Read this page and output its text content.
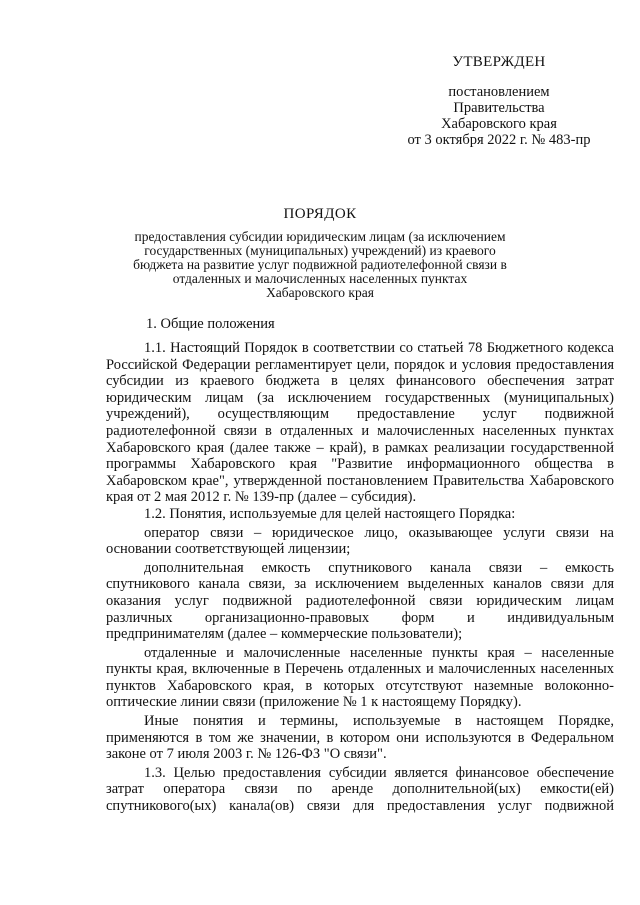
УТВЕРЖДЕН
постановлением
Правительства
Хабаровского края
от 3 октября 2022 г. № 483-пр
ПОРЯДОК
предоставления субсидии юридическим лицам (за исключением государственных (муниципальных) учреждений) из краевого бюджета на развитие услуг подвижной радиотелефонной связи в отдаленных и малочисленных населенных пунктах Хабаровского края
1. Общие положения

1.1. Настоящий Порядок в соответствии со статьей 78 Бюджетного кодекса Российской Федерации регламентирует цели, порядок и условия предоставления субсидии из краевого бюджета в целях финансового обеспечения затрат юридическим лицам (за исключением государственных (муниципальных) учреждений), осуществляющим предоставление услуг подвижной радиотелефонной связи в отдаленных и малочисленных населенных пунктах Хабаровского края (далее также – край), в рамках реализации государственной программы Хабаровского края "Развитие информационного общества в Хабаровском крае", утвержденной постановлением Правительства Хабаровского края от 2 мая 2012 г. № 139-пр (далее – субсидия).

1.2. Понятия, используемые для целей настоящего Порядка:

оператор связи – юридическое лицо, оказывающее услуги связи на основании соответствующей лицензии;

дополнительная емкость спутникового канала связи – емкость спутникового канала связи, за исключением выделенных каналов связи для оказания услуг подвижной радиотелефонной связи юридическим лицам различных организационно-правовых форм и индивидуальным предпринимателям (далее – коммерческие пользователи);

отдаленные и малочисленные населенные пункты края – населенные пункты края, включенные в Перечень отдаленных и малочисленных населенных пунктов Хабаровского края, в которых отсутствуют наземные волоконно-оптические линии связи (приложение № 1 к настоящему Порядку).

Иные понятия и термины, используемые в настоящем Порядке, применяются в том же значении, в котором они используются в Федеральном законе от 7 июля 2003 г. № 126-ФЗ "О связи".

1.3. Целью предоставления субсидии является финансовое обеспечение затрат оператора связи по аренде дополнительной(ых) емкости(ей) спутникового(ых) канала(ов) связи для предоставления услуг подвижной
